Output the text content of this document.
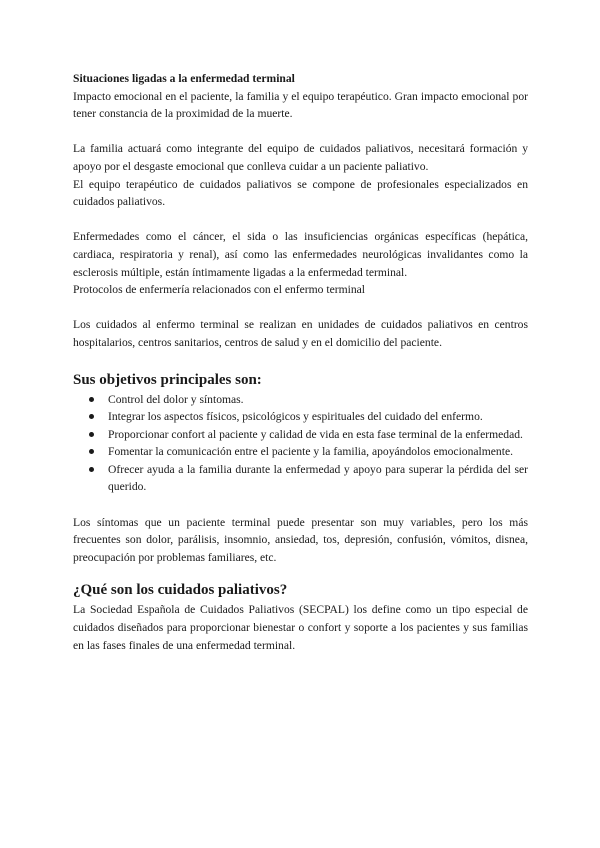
Situaciones ligadas a la enfermedad terminal

Impacto emocional en el paciente, la familia y el equipo terapéutico. Gran impacto emocional por tener constancia de la proximidad de la muerte.

La familia actuará como integrante del equipo de cuidados paliativos, necesitará formación y apoyo por el desgaste emocional que conlleva cuidar a un paciente paliativo.

El equipo terapéutico de cuidados paliativos se compone de profesionales especializados en cuidados paliativos.

Enfermedades como el cáncer, el sida o las insuficiencias orgánicas específicas (hepática, cardiaca, respiratoria y renal), así como las enfermedades neurológicas invalidantes como la esclerosis múltiple, están íntimamente ligadas a la enfermedad terminal.

Protocolos de enfermería relacionados con el enfermo terminal

Los cuidados al enfermo terminal se realizan en unidades de cuidados paliativos en centros hospitalarios, centros sanitarios, centros de salud y en el domicilio del paciente.

Sus objetivos principales son:
Control del dolor y síntomas.
Integrar los aspectos físicos, psicológicos y espirituales del cuidado del enfermo.
Proporcionar confort al paciente y calidad de vida en esta fase terminal de la enfermedad.
Fomentar la comunicación entre el paciente y la familia, apoyándolos emocionalmente.
Ofrecer ayuda a la familia durante la enfermedad y apoyo para superar la pérdida del ser querido.

Los síntomas que un paciente terminal puede presentar son muy variables, pero los más frecuentes son dolor, parálisis, insomnio, ansiedad, tos, depresión, confusión, vómitos, disnea, preocupación por problemas familiares, etc.

¿Qué son los cuidados paliativos?

La Sociedad Española de Cuidados Paliativos (SECPAL) los define como un tipo especial de cuidados diseñados para proporcionar bienestar o confort y soporte a los pacientes y sus familias en las fases finales de una enfermedad terminal.
